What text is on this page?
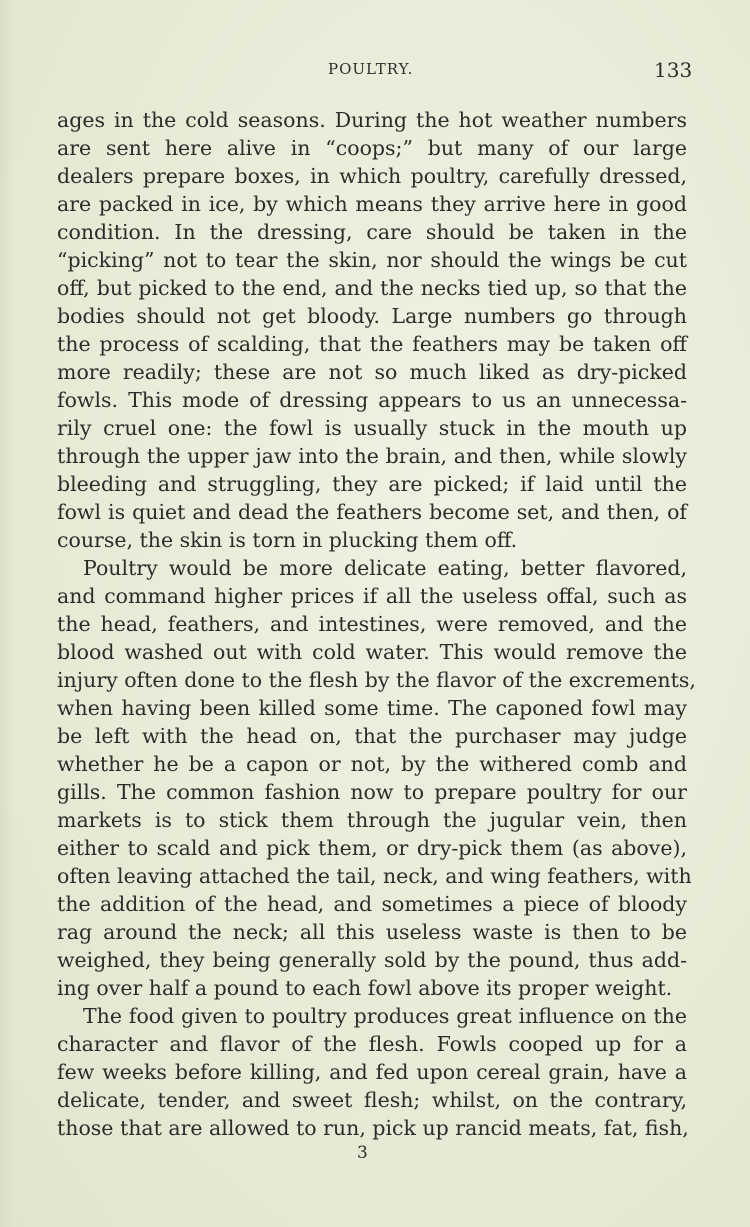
POULTRY.	133
ages in the cold seasons. During the hot weather numbers
are sent here alive in “coops;” but many of our large
dealers prepare boxes, in which poultry, carefully dressed,
are packed in ice, by which means they arrive here in good
condition. In the dressing, care should be taken in the
“picking” not to tear the skin, nor should the wings be cut
off, but picked to the end, and the necks tied up, so that the
bodies should not get bloody. Large numbers go through
the process of scalding, that the feathers may be taken off
more readily; these are not so much liked as dry-picked
fowls. This mode of dressing appears to us an unnecessa-
rily cruel one: the fowl is usually stuck in the mouth up
through the upper jaw into the brain, and then, while slowly
bleeding and struggling, they are picked; if laid until the
fowl is quiet and dead the feathers become set, and then, of
course, the skin is torn in plucking them off.
Poultry would be more delicate eating, better flavored,
and command higher prices if all the useless offal, such as
the head, feathers, and intestines, were removed, and the
blood washed out with cold water. This would remove the
injury often done to the flesh by the flavor of the excrements,
when having been killed some time. The caponed fowl may
be left with the head on, that the purchaser may judge
whether he be a capon or not, by the withered comb and
gills. The common fashion now to prepare poultry for our
markets is to stick them through the jugular vein, then
either to scald and pick them, or dry-pick them (as above),
often leaving attached the tail, neck, and wing feathers, with
the addition of the head, and sometimes a piece of bloody
rag around the neck; all this useless waste is then to be
weighed, they being generally sold by the pound, thus add-
ing over half a pound to each fowl above its proper weight.
The food given to poultry produces great influence on the
character and flavor of the flesh. Fowls cooped up for a
few weeks before killing, and fed upon cereal grain, have a
delicate, tender, and sweet flesh; whilst, on the contrary,
those that are allowed to run, pick up rancid meats, fat, fish,
3
